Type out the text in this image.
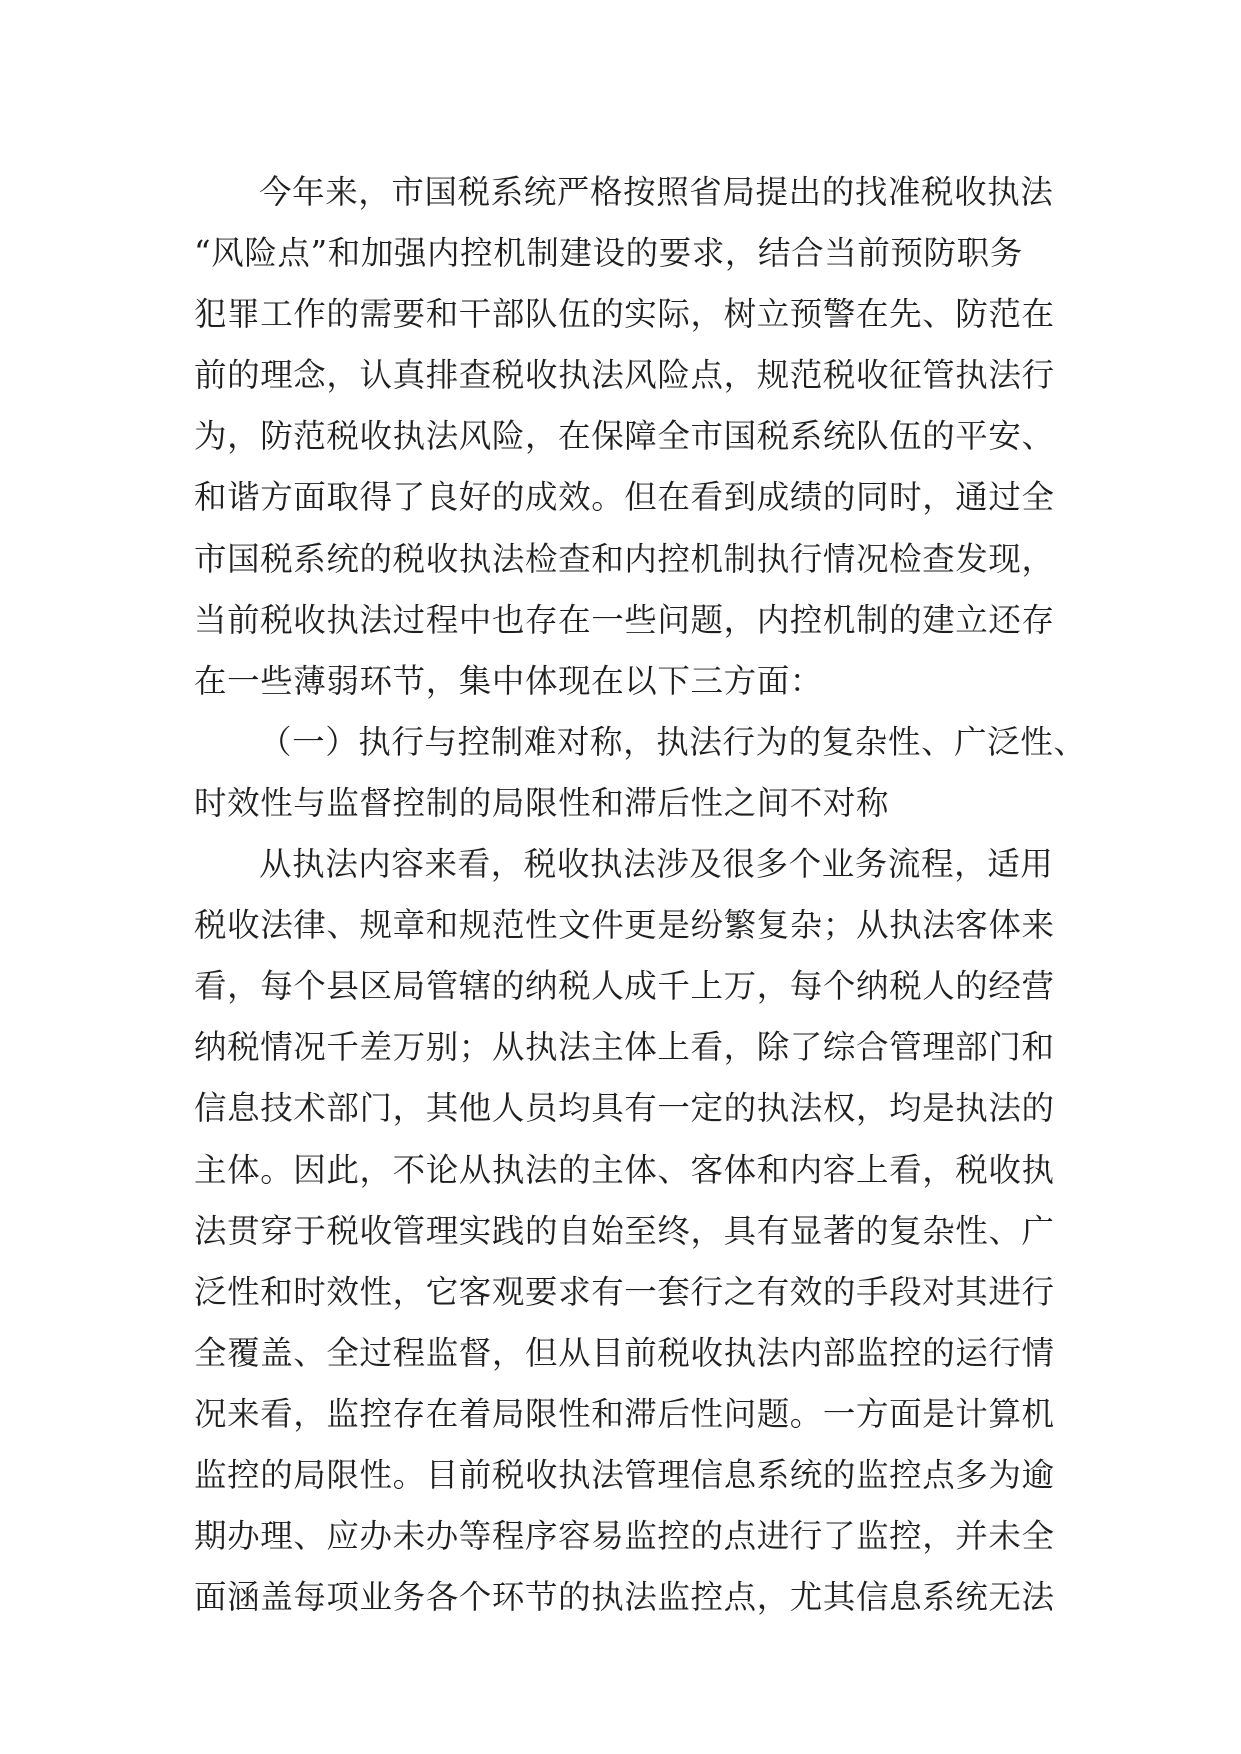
今年来，市国税系统严格按照省局提出的找准税收执法
“风险点”和加强内控机制建设的要求，结合当前预防职务
犯罪工作的需要和干部队伍的实际，树立预警在先、防范在
前的理念，认真排查税收执法风险点，规范税收征管执法行
为，防范税收执法风险，在保障全市国税系统队伍的平安、
和谐方面取得了良好的成效。但在看到成绩的同时，通过全
市国税系统的税收执法检查和内控机制执行情况检查发现，
当前税收执法过程中也存在一些问题，内控机制的建立还存
在一些薄弱环节，集中体现在以下三方面：
（一）执行与控制难对称，执法行为的复杂性、广泛性、
时效性与监督控制的局限性和滞后性之间不对称
从执法内容来看，税收执法涉及很多个业务流程，适用
税收法律、规章和规范性文件更是纷繁复杂；从执法客体来
看，每个县区局管辖的纳税人成千上万，每个纳税人的经营
纳税情况千差万别；从执法主体上看，除了综合管理部门和
信息技术部门，其他人员均具有一定的执法权，均是执法的
主体。因此，不论从执法的主体、客体和内容上看，税收执
法贯穿于税收管理实践的自始至终，具有显著的复杂性、广
泛性和时效性，它客观要求有一套行之有效的手段对其进行
全覆盖、全过程监督，但从目前税收执法内部监控的运行情
况来看，监控存在着局限性和滞后性问题。一方面是计算机
监控的局限性。目前税收执法管理信息系统的监控点多为逾
期办理、应办未办等程序容易监控的点进行了监控，并未全
面涵盖每项业务各个环节的执法监控点，尤其信息系统无法
